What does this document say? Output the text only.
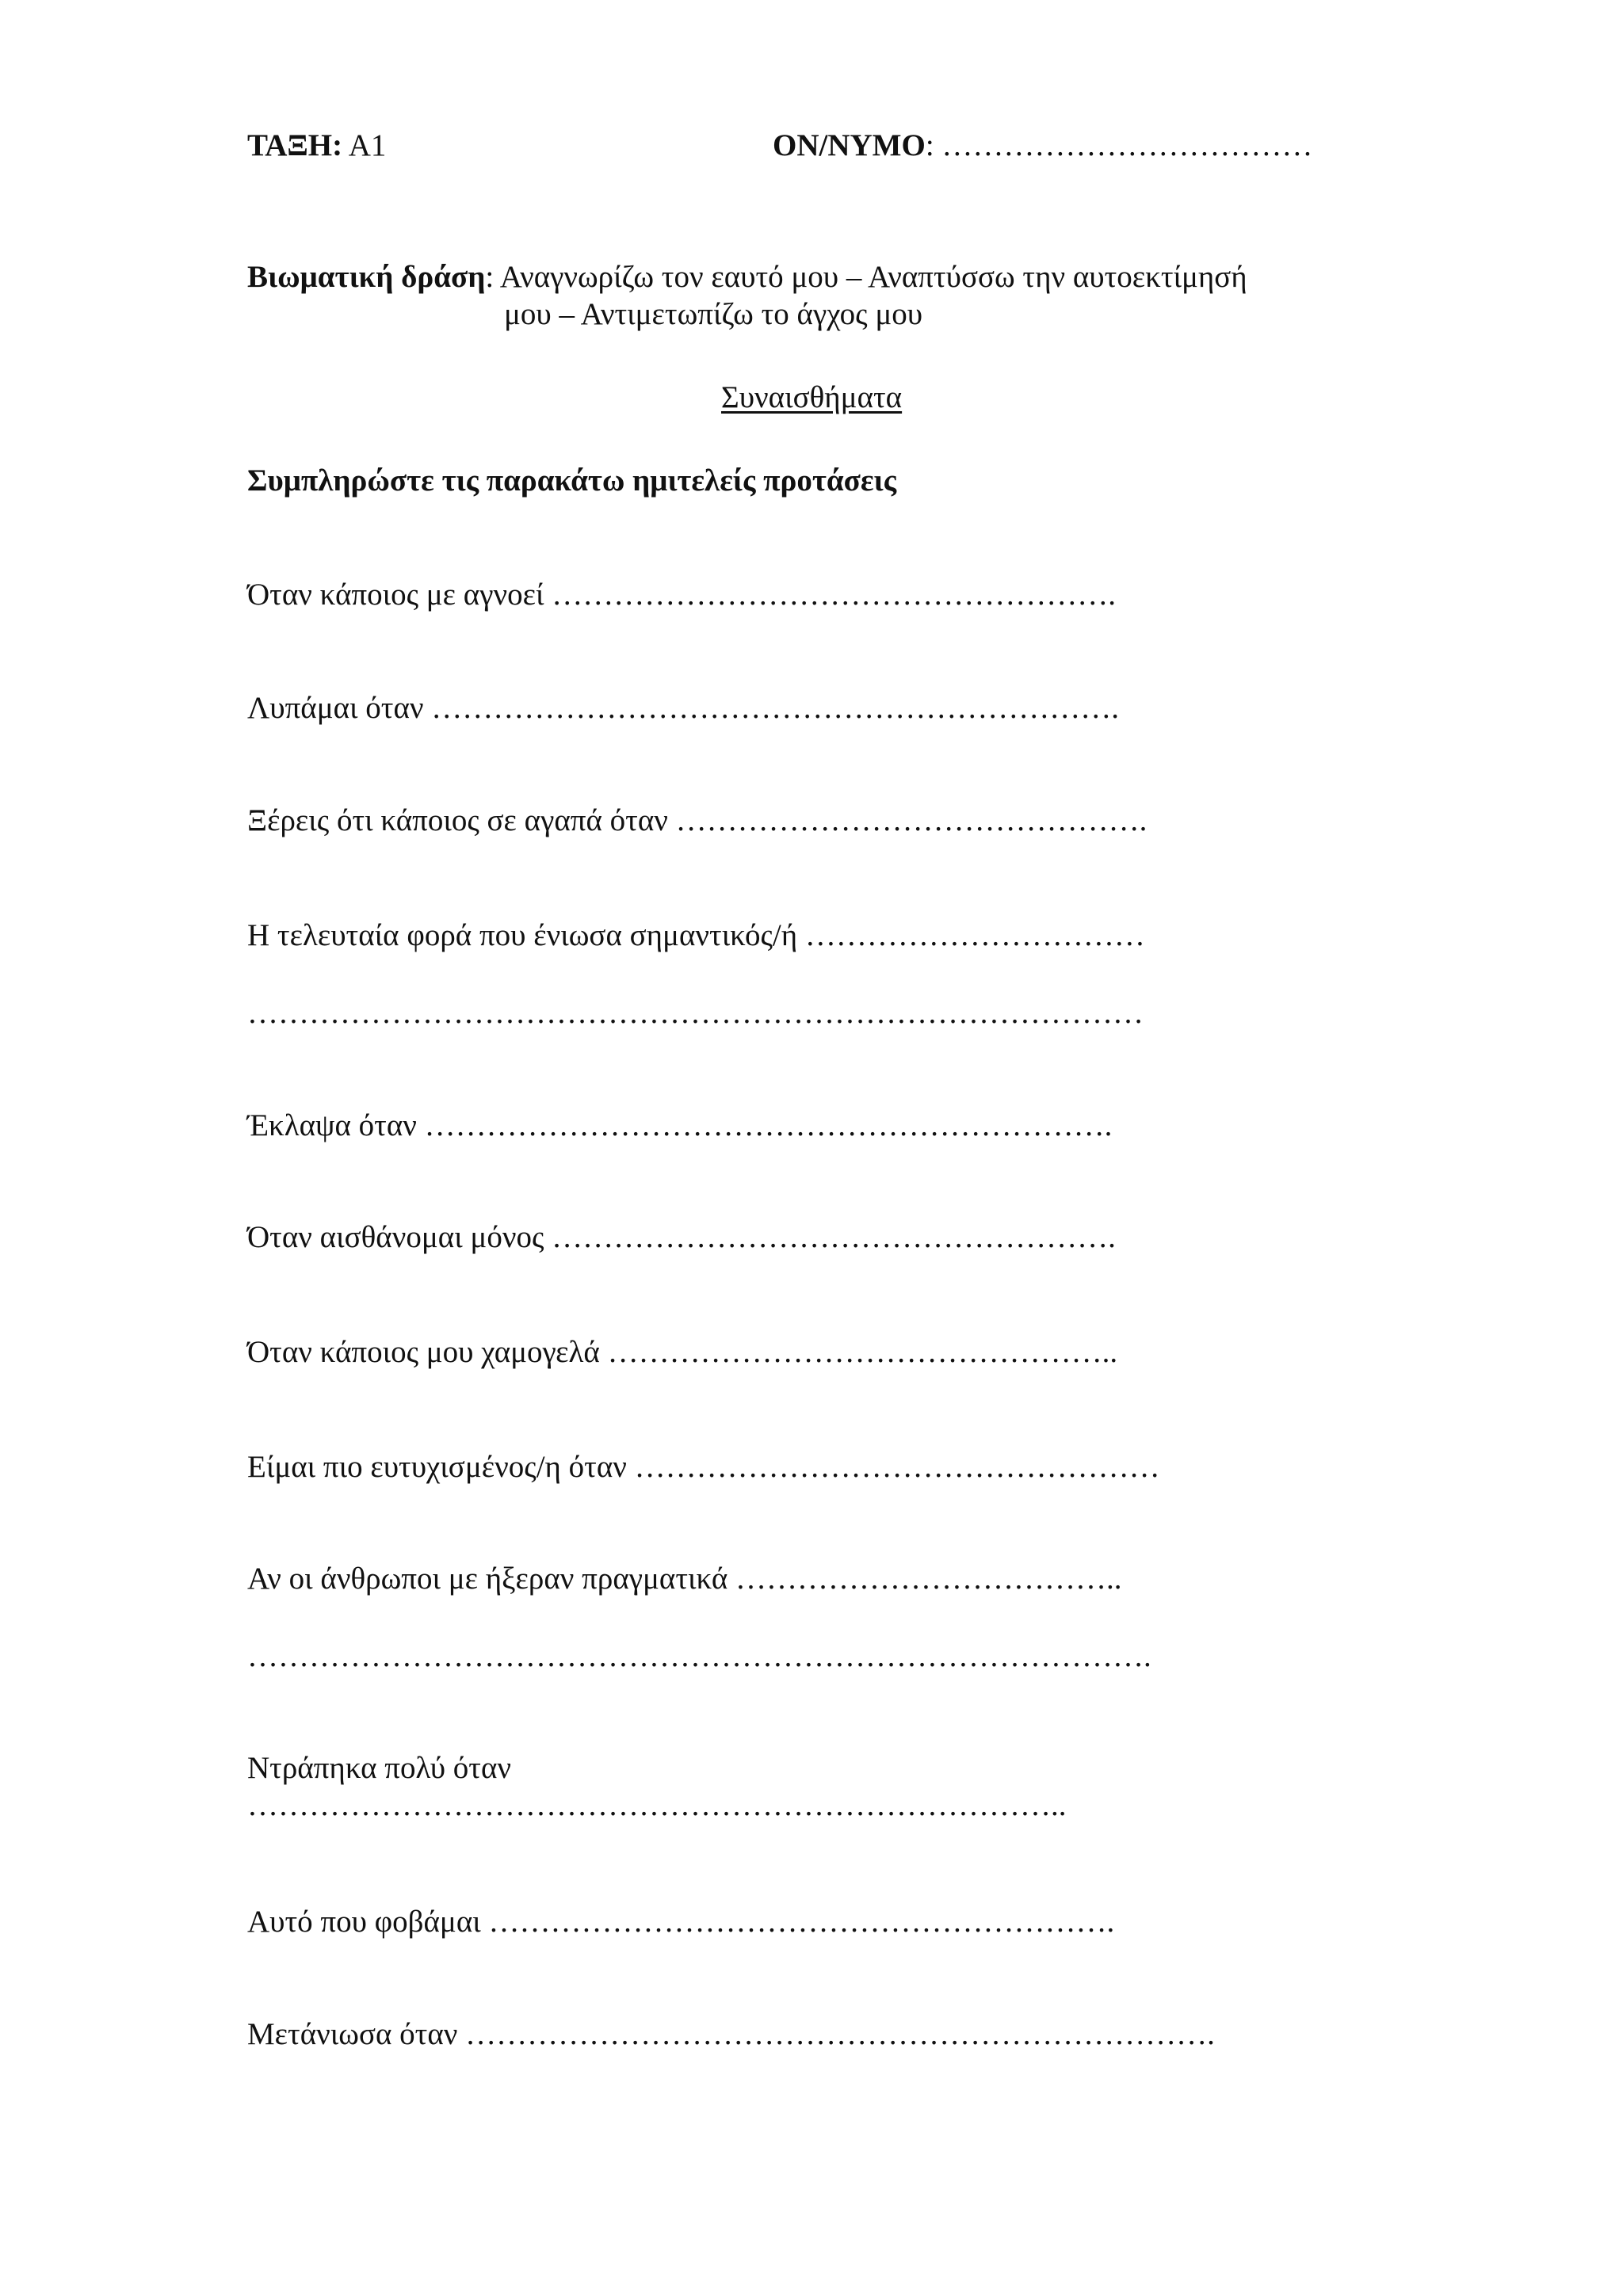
ΤΑΞΗ: Α1	ΟΝ/ΝΥΜΟ: ………………………………
Βιωματική δράση: Αναγνωρίζω τον εαυτό μου – Αναπτύσσω την αυτοεκτίμησή
μου – Αντιμετωπίζω το άγχος μου
Συναισθήματα
Συμπληρώστε τις παρακάτω ημιτελείς προτάσεις
Όταν κάποιος με αγνοεί ……………………………………………….
Λυπάμαι όταν ………………………………………………………….
Ξέρεις ότι κάποιος σε αγαπά όταν ……………………………………….
Η τελευταία φορά που ένιωσα σημαντικός/ή ……………………………
……………………………………………………………………………
Έκλαψα όταν ………………………………………………………….
Όταν αισθάνομαι μόνος ……………………………………………….
Όταν κάποιος μου χαμογελά …………………………………………..
Είμαι πιο ευτυχισμένος/η όταν ……………………………………………
Αν οι άνθρωποι με ήξεραν πραγματικά ………………………………..
…………………………………………………………………………….
Ντράπηκα πολύ όταν
……………………………………………………………………..
Αυτό που φοβάμαι …………………………………………………….
Μετάνιωσα όταν ……………………………………………………………….
